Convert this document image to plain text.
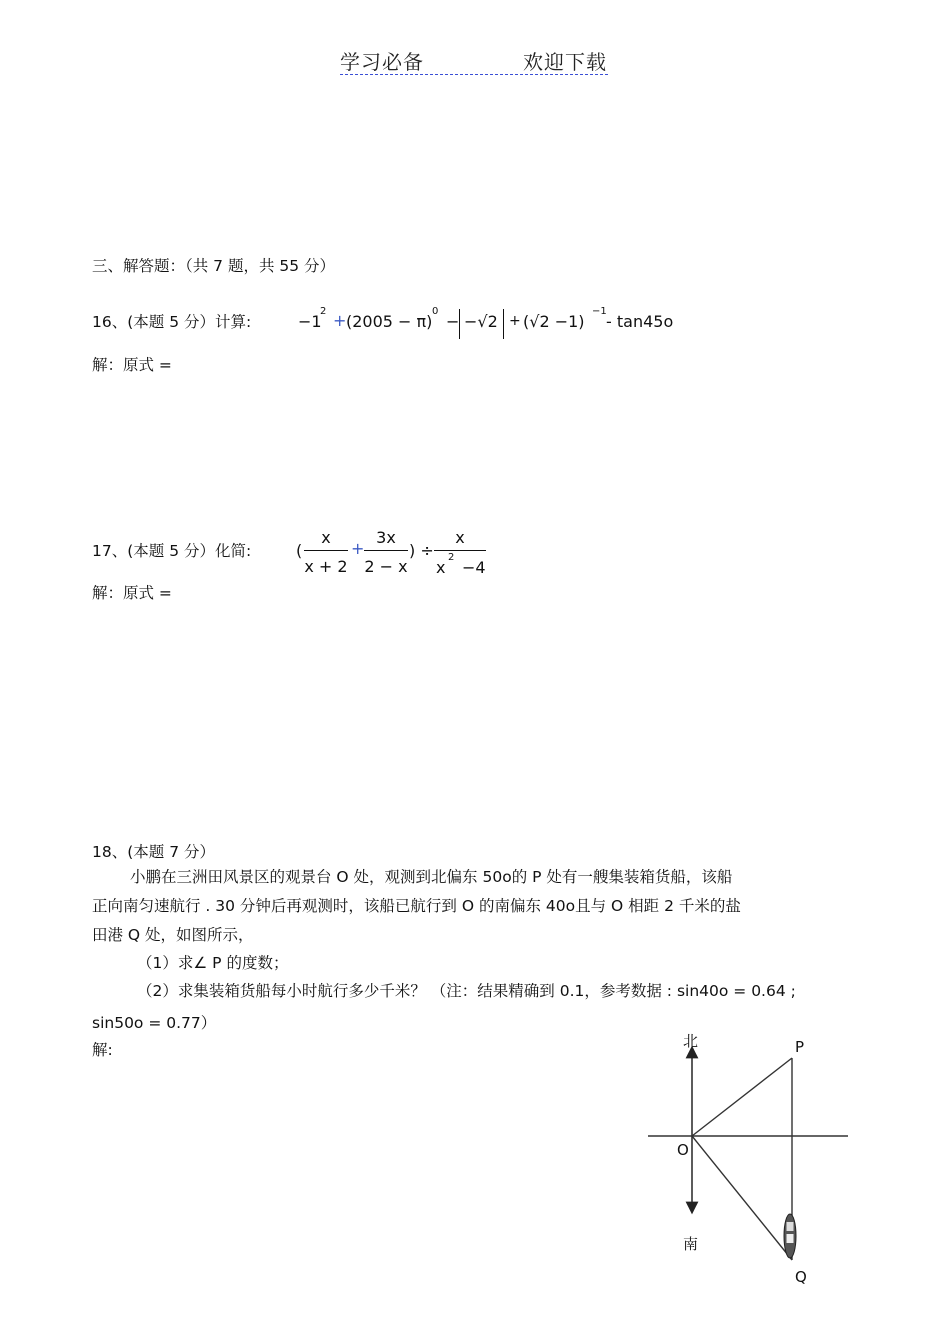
学习必备	欢迎下载
三、解答题：（共 7 题，共 55 分）
16、(本题 5 分）计算:	−1
2 + (2005 − π)
0
− −√2 + (√2 −1)
−1
- tan45o
解：原式 =
17、(本题 5 分）化简:	(
x
x + 2
+
3x
2 − x
) ÷
x
x
2
−4
解：原式 =
18、(本题 7 分）
小鹏在三洲田风景区的观景台 O 处，观测到北偏东 50o的 P 处有一艘集装箱货船，该船
正向南匀速航行 . 30 分钟后再观测时，该船已航行到 O 的南偏东 40o且与 O 相距 2 千米的盐
田港 Q 处，如图所示，
（1）求∠ P 的度数；
（2）求集装箱货船每小时航行多少千米？ （注：结果精确到 0.1，参考数据 : sin40o = 0.64 ;
sin50o = 0.77）
解:	北
南
O
P
Q
